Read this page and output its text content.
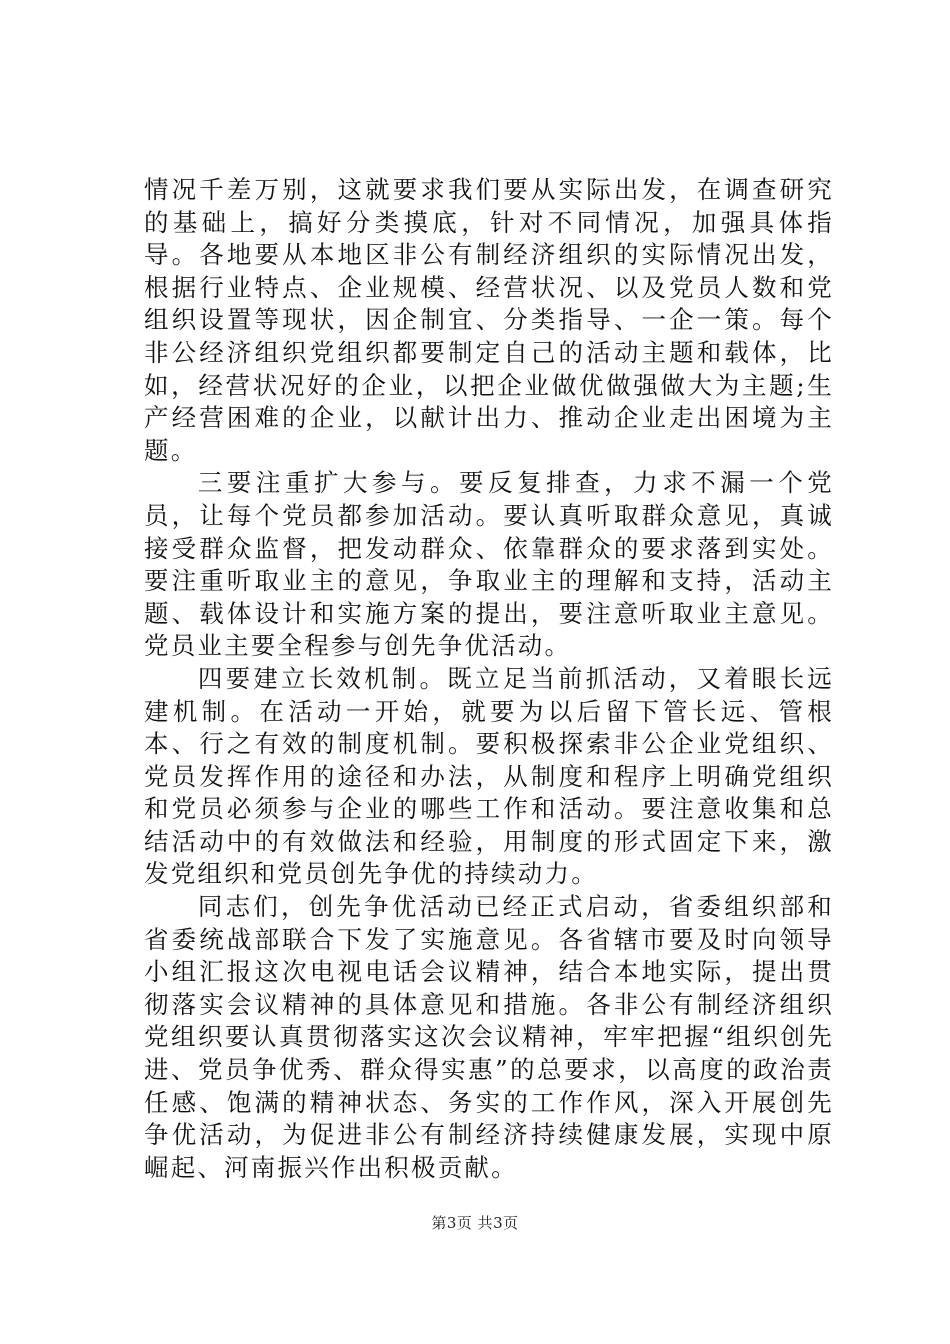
情况千差万别，这就要求我们要从实际出发，在调查研究的基础上，搞好分类摸底，针对不同情况，加强具体指导。各地要从本地区非公有制经济组织的实际情况出发，根据行业特点、企业规模、经营状况、以及党员人数和党组织设置等现状，因企制宜、分类指导、一企一策。每个非公经济组织党组织都要制定自己的活动主题和载体，比如，经营状况好的企业，以把企业做优做强做大为主题;生产经营困难的企业，以献计出力、推动企业走出困境为主题。

三要注重扩大参与。要反复排查，力求不漏一个党员，让每个党员都参加活动。要认真听取群众意见，真诚接受群众监督，把发动群众、依靠群众的要求落到实处。要注重听取业主的意见，争取业主的理解和支持，活动主题、载体设计和实施方案的提出，要注意听取业主意见。党员业主要全程参与创先争优活动。

四要建立长效机制。既立足当前抓活动，又着眼长远建机制。在活动一开始，就要为以后留下管长远、管根本、行之有效的制度机制。要积极探索非公企业党组织、党员发挥作用的途径和办法，从制度和程序上明确党组织和党员必须参与企业的哪些工作和活动。要注意收集和总结活动中的有效做法和经验，用制度的形式固定下来，激发党组织和党员创先争优的持续动力。

同志们，创先争优活动已经正式启动，省委组织部和省委统战部联合下发了实施意见。各省辖市要及时向领导小组汇报这次电视电话会议精神，结合本地实际，提出贯彻落实会议精神的具体意见和措施。各非公有制经济组织党组织要认真贯彻落实这次会议精神，牢牢把握“组织创先进、党员争优秀、群众得实惠”的总要求，以高度的政治责任感、饱满的精神状态、务实的工作作风，深入开展创先争优活动，为促进非公有制经济持续健康发展，实现中原崛起、河南振兴作出积极贡献。

第3页 共3页
